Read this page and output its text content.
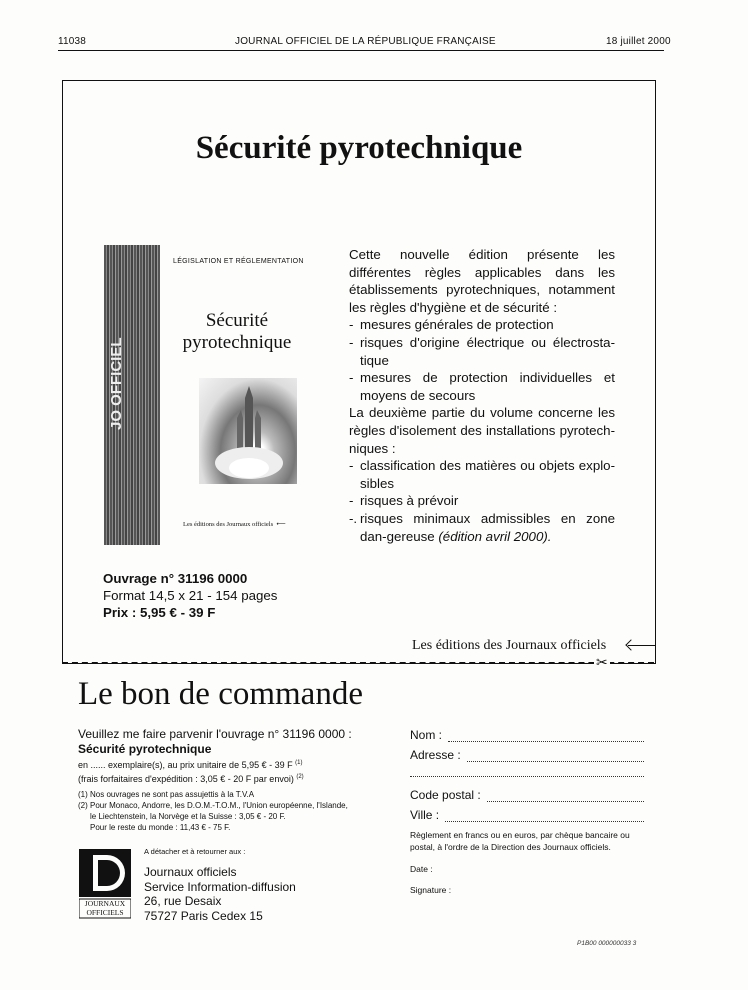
11038	JOURNAL OFFICIEL DE LA RÉPUBLIQUE FRANÇAISE	18 juillet 2000
Sécurité pyrotechnique
JO OFFICIEL
LÉGISLATION ET RÉGLEMENTATION
Sécurité
pyrotechnique
Les éditions des Journaux officiels  ⟵

Cette nouvelle édition présente les différentes règles applicables dans les établissements pyrotechniques, notamment les règles d'hygiène et de sécurité :

- mesures générales de protection
- risques d'origine électrique ou électrosta-tique
- mesures de protection individuelles et moyens de secours

La deuxième partie du volume concerne les règles d'isolement des installations pyrotech-niques :

- classification des matières ou objets explo-sibles
- risques à prévoir
-. risques minimaux admissibles en zone dan-gereuse (édition avril 2000).
Ouvrage n° 31196 0000
Format 14,5 x 21 - 154 pages
Prix : 5,95 € - 39 F
Les éditions des Journaux officiels
✂
Le bon de commande
Veuillez me faire parvenir l'ouvrage n° 31196 0000 :
Sécurité pyrotechnique
en ...... exemplaire(s), au prix unitaire de 5,95 € - 39 F $^{(1)}$
(frais forfaitaires d'expédition : 3,05 € - 20 F par envoi) $^{(2)}$
(1) Nos ouvrages ne sont pas assujettis à la T.V.A
(2) Pour Monaco, Andorre, les D.O.M.-T.O.M., l'Union européenne, l'Islande,
le Liechtenstein, la Norvège et la Suisse : 3,05 € - 20 F.
Pour le reste du monde : 11,43 € - 75 F.
A détacher et à retourner aux :
JOURNAUX
OFFICIELS
Journaux officiels
Service Information-diffusion
26, rue Desaix
75727 Paris Cedex 15
Nom :
Adresse :
Code postal :
Ville :
Règlement en francs ou en euros, par chèque bancaire ou postal, à l'ordre de la Direction des Journaux officiels.
Date :
Signature :
P1B00 000000033 3
